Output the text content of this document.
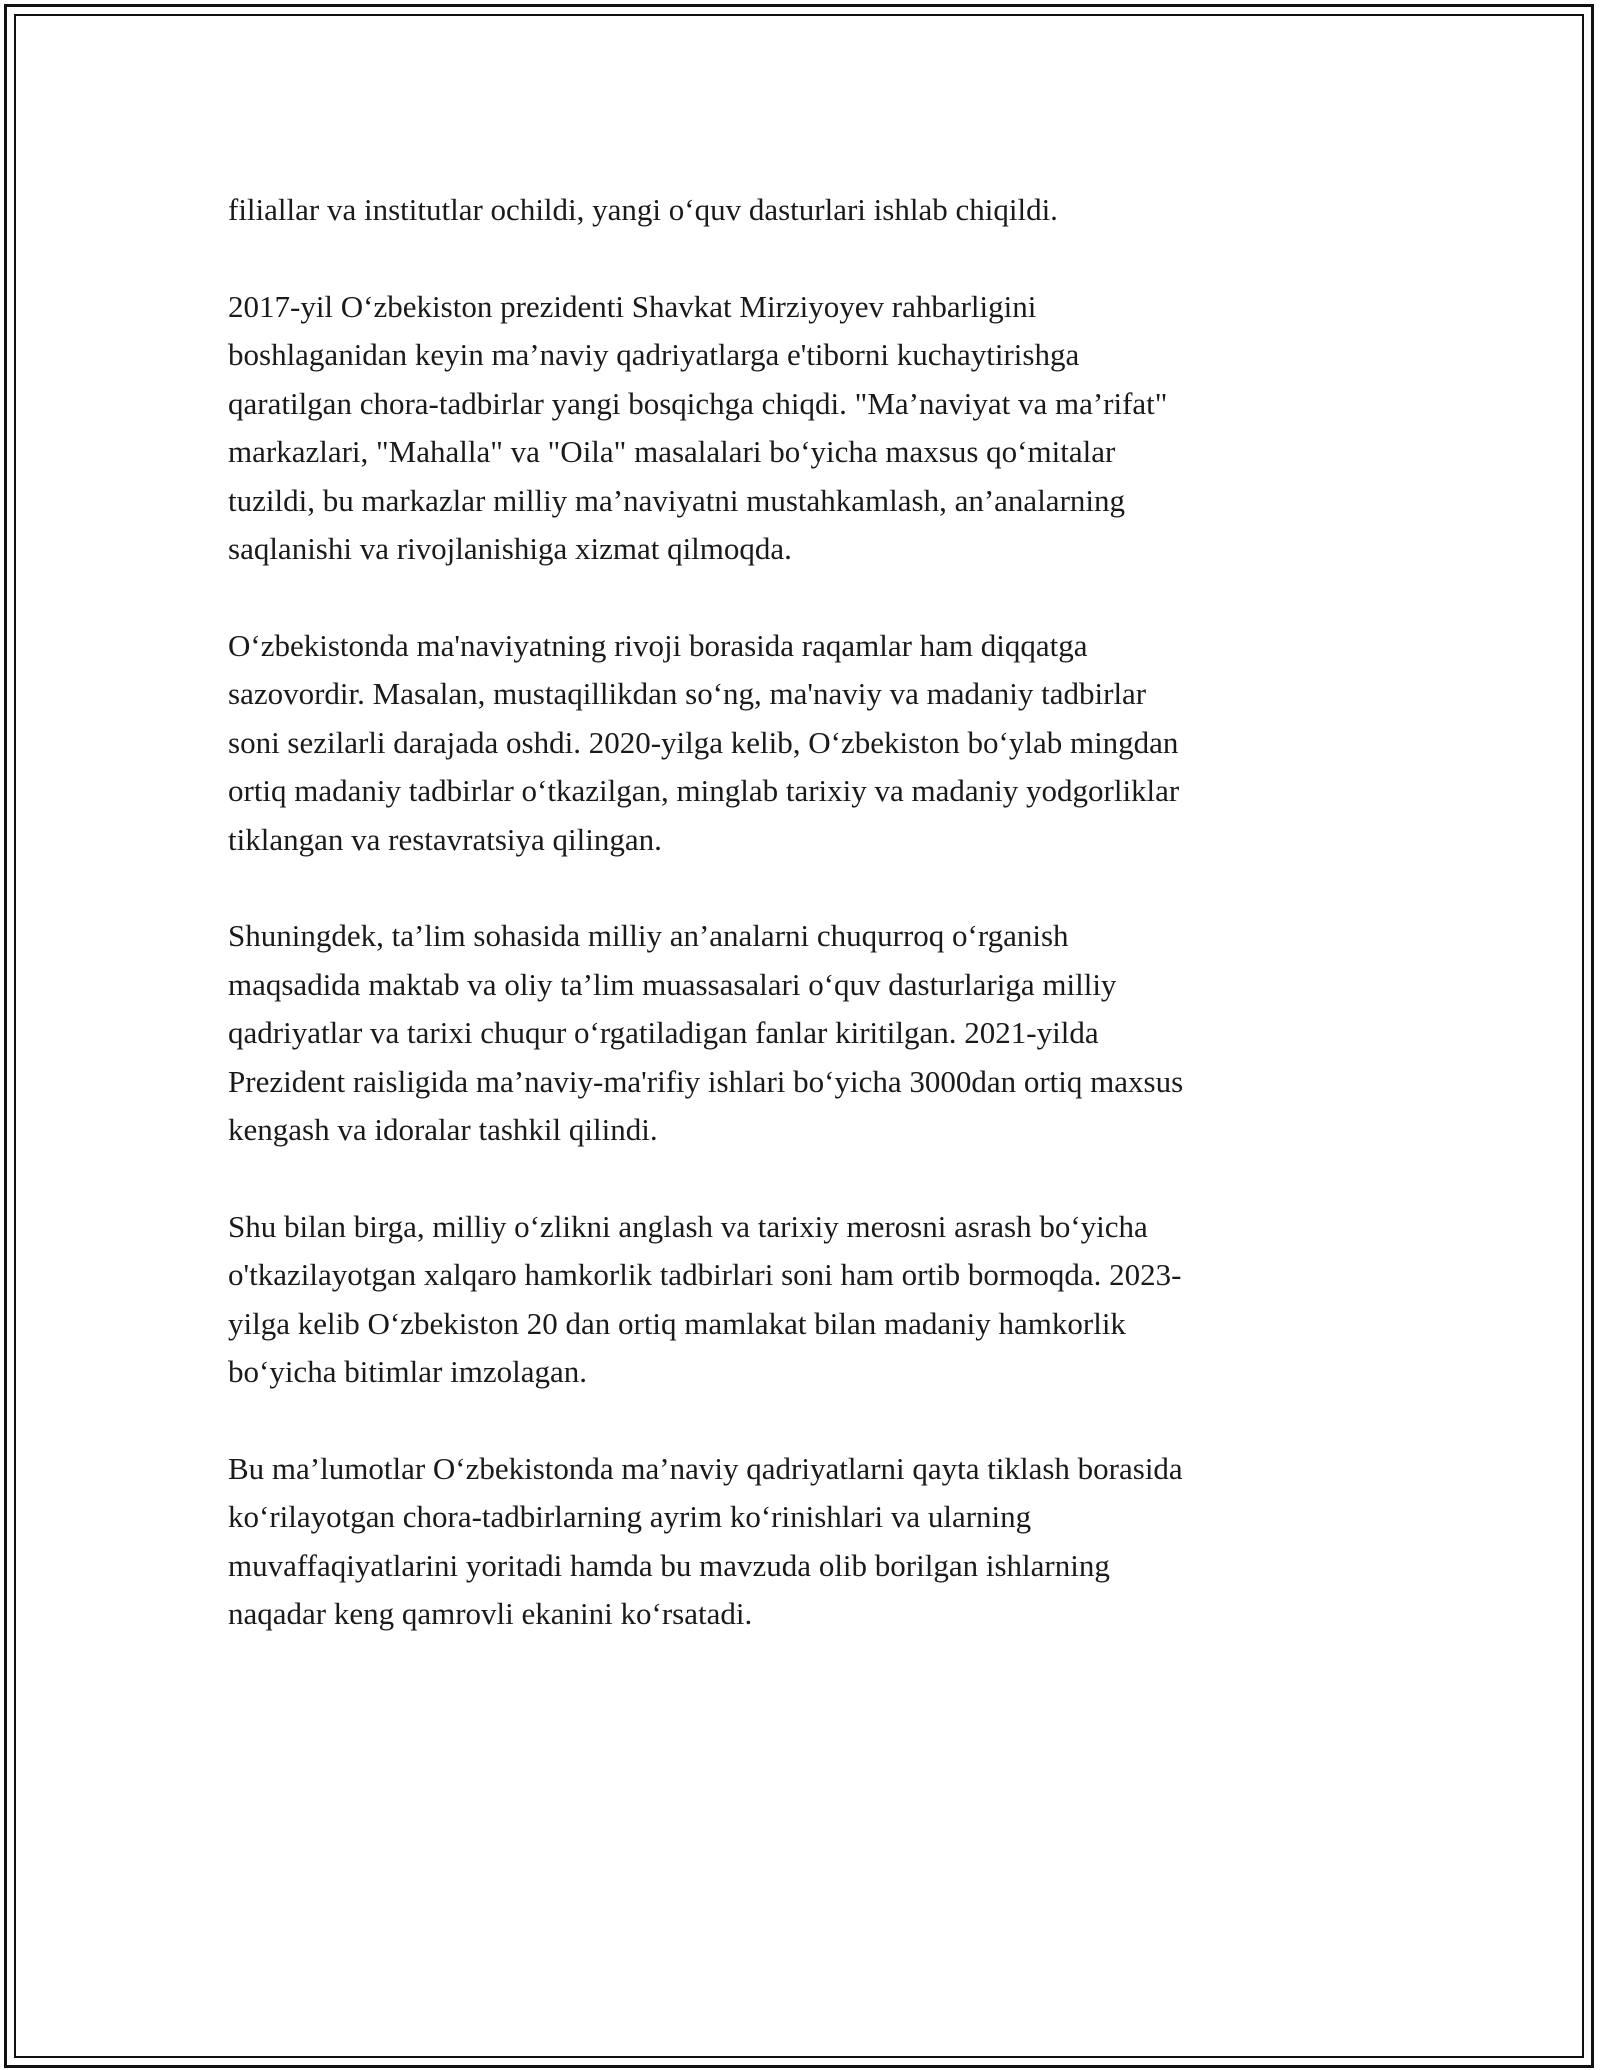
filiallar va institutlar ochildi, yangi o‘quv dasturlari ishlab chiqildi.

2017-yil O‘zbekiston prezidenti Shavkat Mirziyoyev rahbarligini
boshlaganidan keyin ma’naviy qadriyatlarga e'tiborni kuchaytirishga
qaratilgan chora-tadbirlar yangi bosqichga chiqdi. "Ma’naviyat va ma’rifat"
markazlari, "Mahalla" va "Oila" masalalari bo‘yicha maxsus qo‘mitalar
tuzildi, bu markazlar milliy ma’naviyatni mustahkamlash, an’analarning
saqlanishi va rivojlanishiga xizmat qilmoqda.

O‘zbekistonda ma'naviyatning rivoji borasida raqamlar ham diqqatga
sazovordir. Masalan, mustaqillikdan so‘ng, ma'naviy va madaniy tadbirlar
soni sezilarli darajada oshdi. 2020-yilga kelib, O‘zbekiston bo‘ylab mingdan
ortiq madaniy tadbirlar o‘tkazilgan, minglab tarixiy va madaniy yodgorliklar
tiklangan va restavratsiya qilingan.

Shuningdek, ta’lim sohasida milliy an’analarni chuqurroq o‘rganish
maqsadida maktab va oliy ta’lim muassasalari o‘quv dasturlariga milliy
qadriyatlar va tarixi chuqur o‘rgatiladigan fanlar kiritilgan. 2021-yilda
Prezident raisligida ma’naviy-ma'rifiy ishlari bo‘yicha 3000dan ortiq maxsus
kengash va idoralar tashkil qilindi.

Shu bilan birga, milliy o‘zlikni anglash va tarixiy merosni asrash bo‘yicha
o'tkazilayotgan xalqaro hamkorlik tadbirlari soni ham ortib bormoqda. 2023-
yilga kelib O‘zbekiston 20 dan ortiq mamlakat bilan madaniy hamkorlik
bo‘yicha bitimlar imzolagan.

Bu ma’lumotlar O‘zbekistonda ma’naviy qadriyatlarni qayta tiklash borasida
ko‘rilayotgan chora-tadbirlarning ayrim ko‘rinishlari va ularning
muvaffaqiyatlarini yoritadi hamda bu mavzuda olib borilgan ishlarning
naqadar keng qamrovli ekanini ko‘rsatadi.
